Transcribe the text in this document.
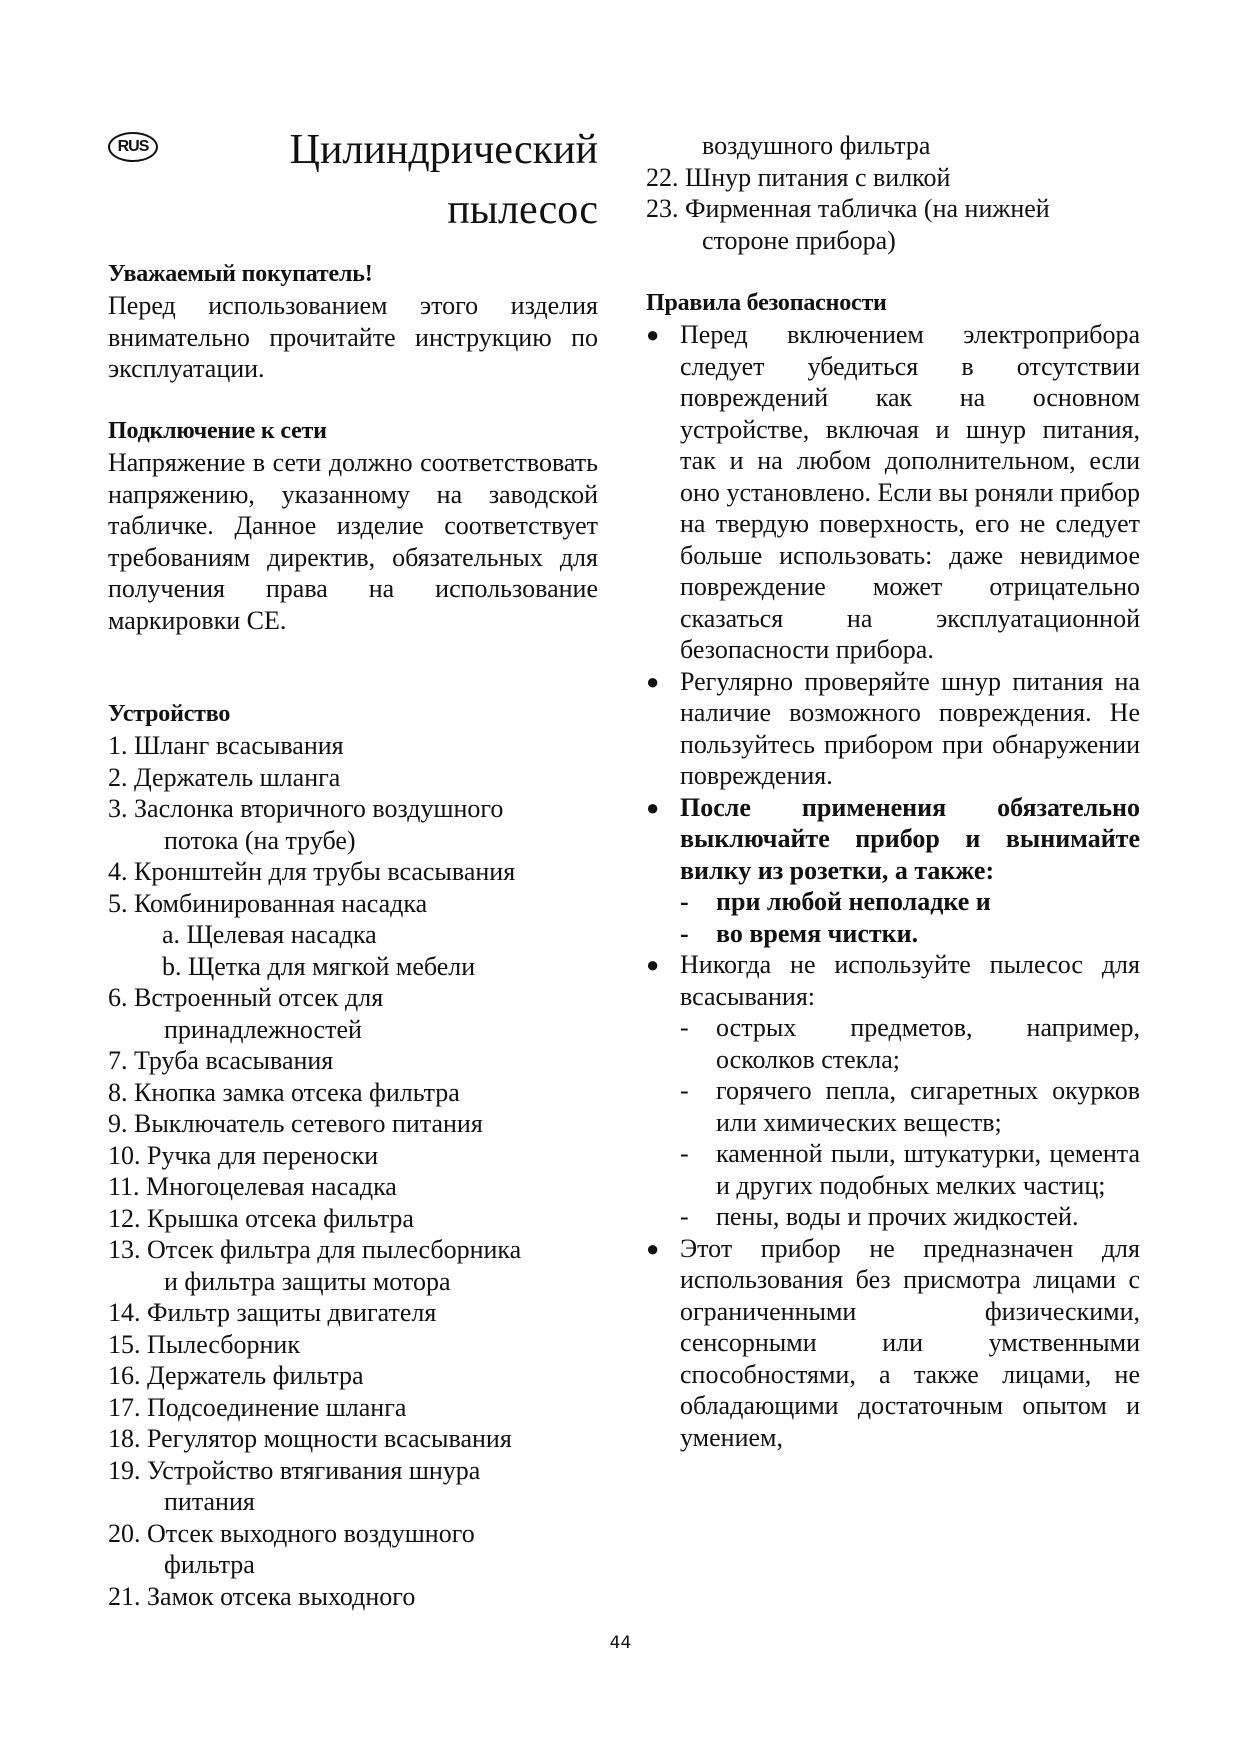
RUS	Цилиндрический
пылесос
Уважаемый покупатель!

Перед использованием этого изделия внимательно прочитайте инструкцию по эксплуатации.

Подключение к сети

Напряжение в сети должно соответствовать напряжению, указанному на заводской табличке. Данное изделие соответствует требованиям директив, обязательных для получения права на использование маркировки CE.

Устройство
1. Шланг всасывания
2. Держатель шланга
3. Заслонка вторичного воздушного
потока (на трубе)
4. Кронштейн для трубы всасывания
5. Комбинированная насадка
a. Щелевая насадка
b. Щетка для мягкой мебели
6. Встроенный отсек для
принадлежностей
7. Труба всасывания
8. Кнопка замка отсека фильтра
9. Выключатель сетевого питания
10. Ручка для переноски
11. Многоцелевая насадка
12. Крышка отсека фильтра
13. Отсек фильтра для пылесборника
и фильтра защиты мотора
14. Фильтр защиты двигателя
15. Пылесборник
16. Держатель фильтра
17. Подсоединение шланга
18. Регулятор мощности всасывания
19. Устройство втягивания шнура
питания
20. Отсек выходного воздушного
фильтра
21. Замок отсека выходного
воздушного фильтра
22. Шнур питания с вилкой
23. Фирменная табличка (на нижней
стороне прибора)
Правила безопасности
● Перед включением электроприбора следует убедиться в отсутствии повреждений как на основном устройстве, включая и шнур питания, так и на любом дополнительном, если оно установлено. Если вы роняли прибор на твердую поверхность, его не следует больше использовать: даже невидимое повреждение может отрицательно сказаться на эксплуатационной безопасности прибора.
● Регулярно проверяйте шнур питания на наличие возможного повреждения. Не пользуйтесь прибором при обнаружении повреждения.
● После применения обязательно выключайте прибор и вынимайте вилку из розетки, а также:
-	при любой неполадке и
-	во время чистки.
● Никогда не используйте пылесос для всасывания:
-	острых предметов, например, осколков стекла;
-	горячего пепла, сигаретных окурков или химических веществ;
-	каменной пыли, штукатурки, цемента и других подобных мелких частиц;
-	пены, воды и прочих жидкостей.
● Этот прибор не предназначен для использования без присмотра лицами с ограниченными физическими, сенсорными или умственными способностями, а также лицами, не обладающими достаточным опытом и умением,
44
